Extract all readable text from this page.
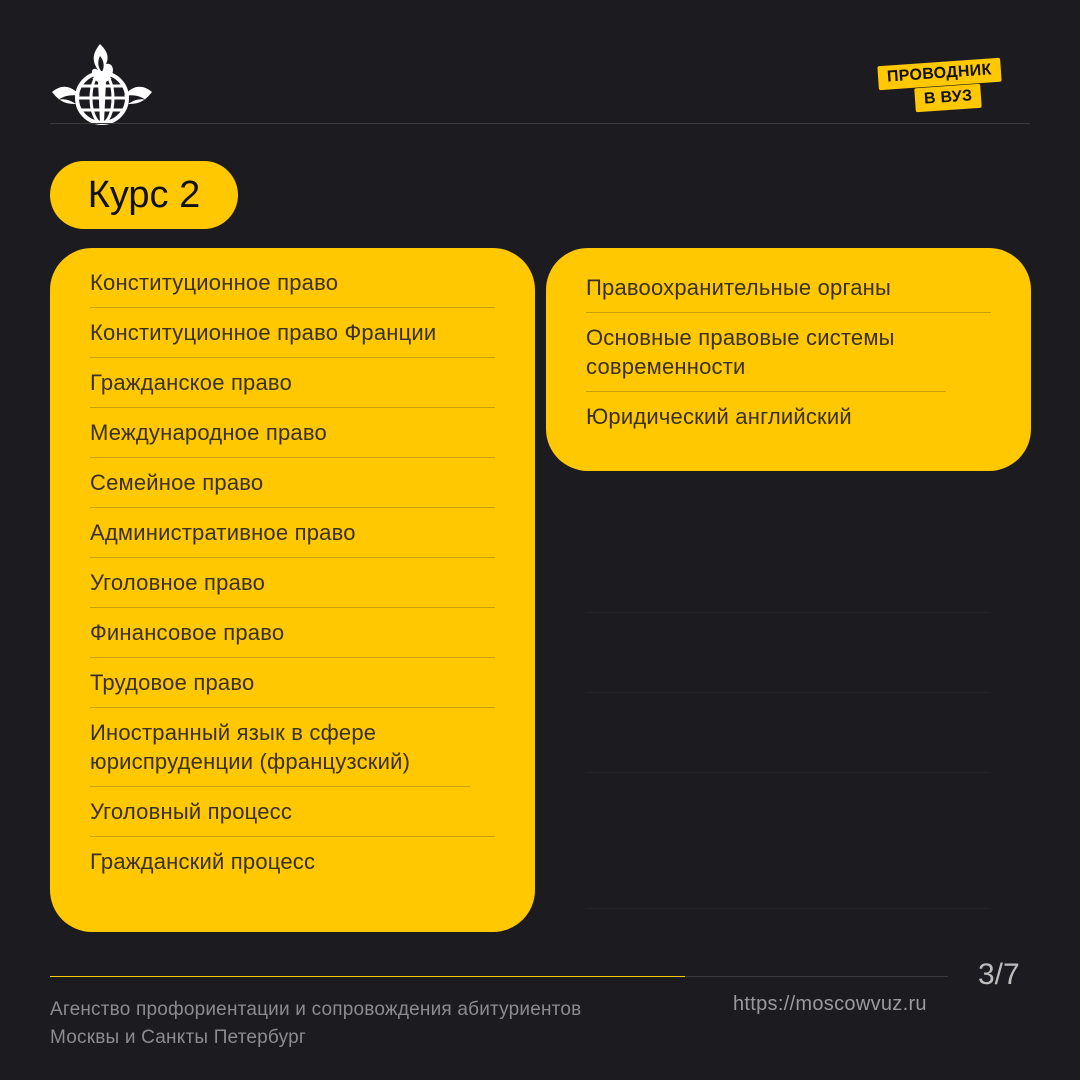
ПРОВОДНИК
В ВУЗ
Курс 2
Конституционное право
Конституционное право Франции
Гражданское право
Международное право
Семейное право
Административное право
Уголовное право
Финансовое право
Трудовое право
Иностранный язык в сфере юриспруденции (французский)
Уголовный процесс
Гражданский процесс
Правоохранительные органы
Основные правовые системы современности
Юридический английский
3/7
Агенство профориентации и сопровождения абитуриентов Москвы и Санкты Петербург
https://moscowvuz.ru
